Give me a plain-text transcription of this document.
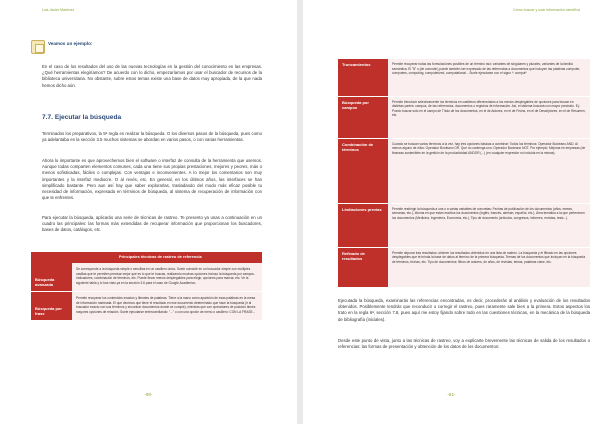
Luis Javier Martínez
Veamos un ejemplo:
En el caso de los resultados del uso de las nuevas tecnologías en la gestión del conocimiento en las empresas. ¿Qué herramientas elegiríamos? De acuerdo con lo dicho, empezaríamos por usar el buscador de recursos de la biblioteca universitaria. No obstante, sobre estos temas existe una base de datos muy apropiada, de la que nada hemos dicho aún.
7.7. Ejecutar la búsqueda
Terminados los preparativos, la 5ª regla es realizar la búsqueda. O los diversos pasos de la búsqueda, pues como ya adelantaba en la sección 3.5 muchos sistemas se abordan en varios pasos, o con varias herramientas.
Ahora lo importante es que aprovechemos bien el software o interfaz de consulta de la herramienta que usemos. Aunque todas comparten elementos comunes, cada una tiene sus propias prestaciones, mejores y peores, más o menos sofisticadas, fáciles o complejas. Con ventajas e inconvenientes. A lo mejor los comentarios son muy importantes y la interfaz mediocre. O al revés, etc. En general, en los últimos años, las interfaces se han simplificado bastante. Pero aun así hay que saber explorarlas, trasladando del modo más eficaz posible tu necesidad de información, expresada en términos de búsqueda, al sistema de recuperación de información con que te enfrentes.
Para ejecutar la búsqueda, aplicarás una serie de técnicas de rastreo. Te presento ya unas a continuación en un cuadro las principales: las formas más extendidas de recuperar información que proporcionan los buscadores, bases de datos, catálogos, etc.
Principales técnicas de rastreo de referencia	
Búsqueda avanzada	Se corresponde a la búsqueda simple o sencillas en un casillero único. Suele coincidir en un buscador simple con múltiples casillas que te permiten precisar mejor qué es lo que te buscas, realizando muchas opciones incluso la búsqueda por campos. Indicadores, combinación de términos, etc. Puede llevar menús desplegables para elegir, opciones para marcar, etc. Ve la siguiente tabla y lo has visto ya en la sección 3.6 para el caso de Google Académico.
Búsqueda por frase	Permite recuperar los contenidos exactos y literales de palabras. Tiene a la mano como aparición de esas palabras en la mesa de información rastreada. El que decimos que tiene el resultado en ese documento determinado que hace la búsqueda (ir al buscador exacto con sus términos y encontrar documentos donde se cumple), mientras que con operadores de posición tienes mayores opciones de relación. Suele ejecutarse entrecomillando: "..." o con una opción de menú o casillero: CON LA FRASE...
-90-
Cómo buscar y usar información científica
Truncamientos	Permite recuperar todas las formulaciones posibles de un término raíz: variantes de singulares y plurales, variantes de la familia semántica. El "$" o (de comodín) puede también ser expresado de las referencias a documentos que incluyen las palabras computer, computers, computing, computerized, computational... Suele ejecutarse con el signo *: comput*
Búsqueda por campos	Permite introducir selectivamente los términos en casilleros diferenciados a los menús desplegables de opciones para buscar en distintas partes: campos, de las referencias, documentos o registros de información. Así, el sistema buscará con mayor precisión. Ej.: Puedo buscar sólo en el campo de Título de los documentos, en el de Autores, en el de Fecha, en el de Descriptores, en el de Resumen, etc.
Combinación de términos	Cuando se buscan varios términos a la vez, hay tres opciones básicas a combinar: Todos los términos: Operador Booleano AND. Al menos alguno de ellos: Operador Booleano OR. Que no contenga uno: Operador Booleano NOT. Por ejemplo: Mejoras en empresas (de finanzas sostenibles en la gestión de la productividad ANDOR (...) (en cualquier expresión no incluida en la misma).
Limitaciones previas	Permite restringir la búsqueda a una o a varias variables de concretas: Fechas de publicación de los documentos (años, meses, semanas, etc.), Idioma en que están escritos los documentos (inglés, francés, alemán, español, etc.), Área temática a la que pertenecen los documentos (Medicina, Ingeniería, Economía, etc.), Tipo de documento (artículos, congresos, informes, revistas, tesis...).
Refinado de resultados	Permite depurar tras resultados: obtener los resultados obtenidos en una lista de rastreo. La búsqueda y el filtrado en las opciones desplegables que te brinda la base de datos al término de la primera búsqueda. Termas de los documentos que incluyan en la búsqueda de términos, fechas, etc. Tipo de documentos: filtros de autores, de años, de revistas, temas, palabras clave, etc.
Ejecutada la búsqueda, examinarás las referencias encontradas, es decir, procederás al análisis y evaluación de los resultados obtenidos. Posiblemente tendrás que reconducir o corregir el rastreo, pues raramente sale bien a la primera. Estos aspectos los trato en la regla 6ª, sección 7.8, pues aquí me estoy fijando sobre todo en las cuestiones técnicas, en la mecánica de la búsqueda de bibliografía (iniciales).
Desde este punto de vista, junto a las técnicas de rastreo, voy a explicarte brevemente las técnicas de salida de los resultados o referencias: las formas de presentación y obtención de los datos de los documentos:
-91-
